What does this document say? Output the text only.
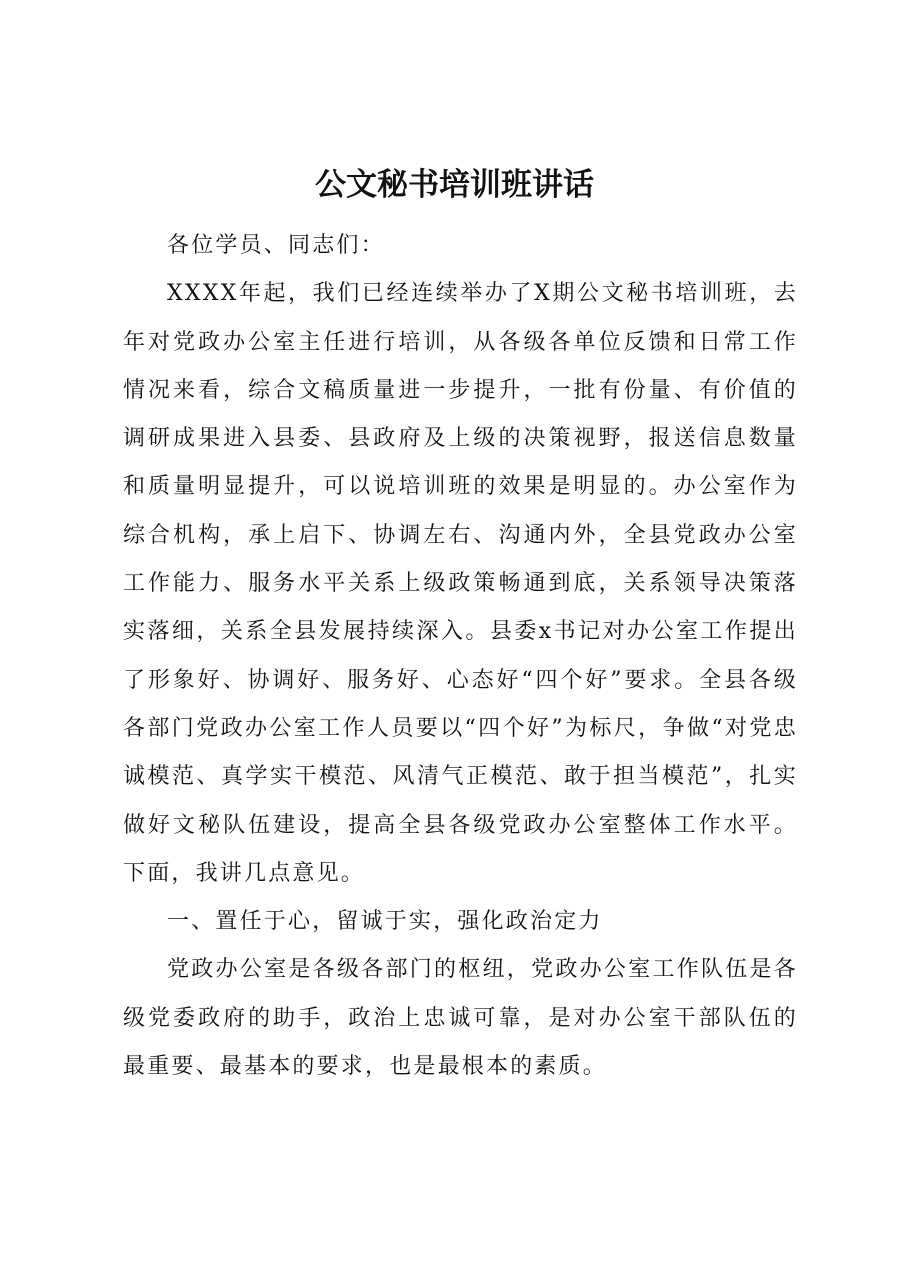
公文秘书培训班讲话

各位学员、同志们：

XXXX年起，我们已经连续举办了X期公文秘书培训班，去年对党政办公室主任进行培训，从各级各单位反馈和日常工作情况来看，综合文稿质量进一步提升，一批有份量、有价值的调研成果进入县委、县政府及上级的决策视野，报送信息数量和质量明显提升，可以说培训班的效果是明显的。办公室作为综合机构，承上启下、协调左右、沟通内外，全县党政办公室工作能力、服务水平关系上级政策畅通到底，关系领导决策落实落细，关系全县发展持续深入。县委x书记对办公室工作提出了形象好、协调好、服务好、心态好“四个好”要求。全县各级各部门党政办公室工作人员要以“四个好”为标尺，争做“对党忠诚模范、真学实干模范、风清气正模范、敢于担当模范”，扎实做好文秘队伍建设，提高全县各级党政办公室整体工作水平。下面，我讲几点意见。

一、置任于心，留诚于实，强化政治定力

党政办公室是各级各部门的枢纽，党政办公室工作队伍是各级党委政府的助手，政治上忠诚可靠，是对办公室干部队伍的最重要、最基本的要求，也是最根本的素质。
